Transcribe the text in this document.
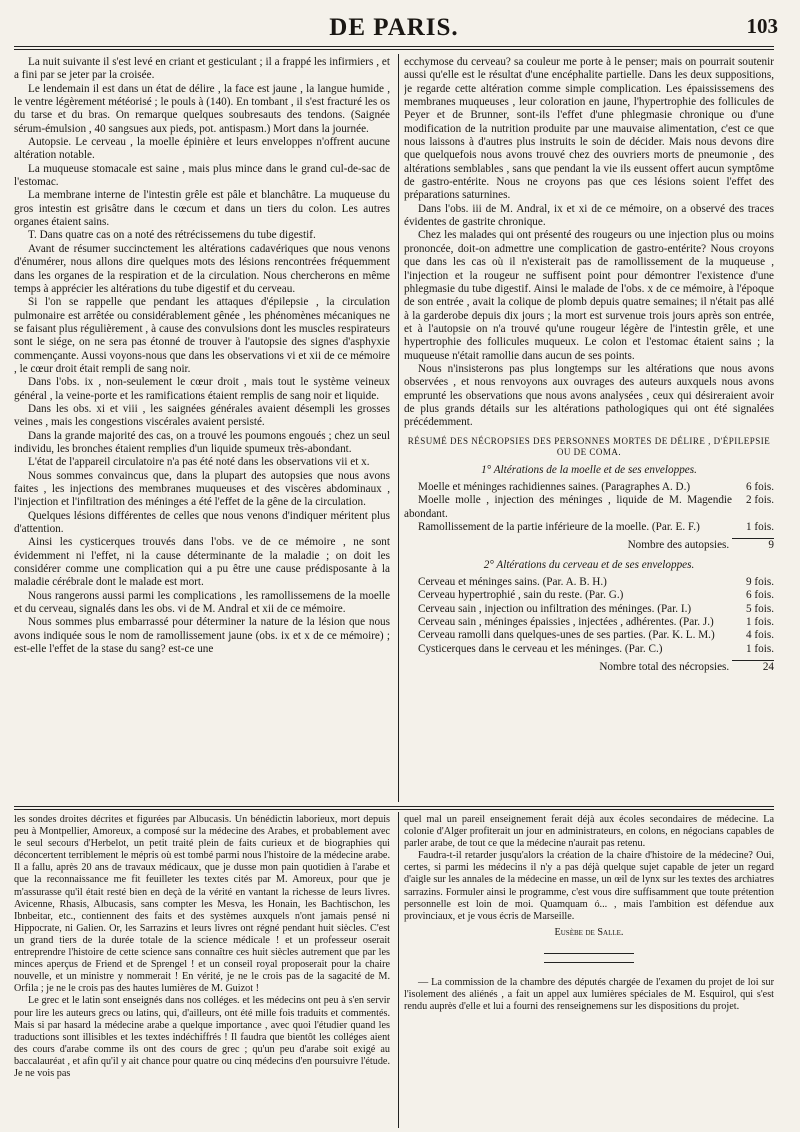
DE PARIS.	103

La nuit suivante il s'est levé en criant et gesticulant ; il a frappé les infirmiers , et a fini par se jeter par la croisée.

Le lendemain il est dans un état de délire , la face est jaune , la langue humide , le ventre légèrement météorisé ; le pouls à (140). En tombant , il s'est fracturé les os du tarse et du bras. On remarque quelques soubresauts des tendons. (Saignée sérum-émulsion , 40 sangsues aux pieds, pot. antispasm.) Mort dans la journée.

Autopsie. Le cerveau , la moelle épinière et leurs enveloppes n'offrent aucune altération notable.

La muqueuse stomacale est saine , mais plus mince dans le grand cul-de-sac de l'estomac.

La membrane interne de l'intestin grêle est pâle et blanchâtre. La muqueuse du gros intestin est grisâtre dans le cœcum et dans un tiers du colon. Les autres organes étaient sains.

T. Dans quatre cas on a noté des rétrécissemens du tube digestif.

Avant de résumer succinctement les altérations cadavériques que nous venons d'énumérer, nous allons dire quelques mots des lésions rencontrées fréquemment dans les organes de la respiration et de la circulation. Nous chercherons en même temps à apprécier les altérations du tube digestif et du cerveau.

Si l'on se rappelle que pendant les attaques d'épilepsie , la circulation pulmonaire est arrêtée ou considérablement gênée , les phénomènes mécaniques ne se faisant plus régulièrement , à cause des convulsions dont les muscles respirateurs sont le siége, on ne sera pas étonné de trouver à l'autopsie des signes d'asphyxie commençante. Aussi voyons-nous que dans les observations vi et xii de ce mémoire , le cœur droit était rempli de sang noir.

Dans l'obs. ix , non-seulement le cœur droit , mais tout le système veineux général , la veine-porte et les ramifications étaient remplis de sang noir et liquide.

Dans les obs. xi et viii , les saignées générales avaient désempli les grosses veines , mais les congestions viscérales avaient persisté.

Dans la grande majorité des cas, on a trouvé les poumons engoués ; chez un seul individu, les bronches étaient remplies d'un liquide spumeux très-abondant.

L'état de l'appareil circulatoire n'a pas été noté dans les observations vii et x.

Nous sommes convaincus que, dans la plupart des autopsies que nous avons faites , les injections des membranes muqueuses et des viscères abdominaux , l'injection et l'infiltration des méninges a été l'effet de la gêne de la circulation.

Quelques lésions différentes de celles que nous venons d'indiquer méritent plus d'attention.

Ainsi les cysticerques trouvés dans l'obs. ve de ce mémoire , ne sont évidemment ni l'effet, ni la cause déterminante de la maladie ; on doit les considérer comme une complication qui a pu être une cause prédisposante à la maladie cérébrale dont le malade est mort.

Nous rangerons aussi parmi les complications , les ramollissemens de la moelle et du cerveau, signalés dans les obs. vi de M. Andral et xii de ce mémoire.

Nous sommes plus embarrassé pour déterminer la nature de la lésion que nous avons indiquée sous le nom de ramollissement jaune (obs. ix et x de ce mémoire) ; est-elle l'effet de la stase du sang? est-ce une

ecchymose du cerveau? sa couleur me porte à le penser; mais on pourrait soutenir aussi qu'elle est le résultat d'une encéphalite partielle. Dans les deux suppositions, je regarde cette altération comme simple complication. Les épaississemens des membranes muqueuses , leur coloration en jaune, l'hypertrophie des follicules de Peyer et de Brunner, sont-ils l'effet d'une phlegmasie chronique ou d'une modification de la nutrition produite par une mauvaise alimentation, c'est ce que nous laissons à d'autres plus instruits le soin de décider. Mais nous devons dire que quelquefois nous avons trouvé chez des ouvriers morts de pneumonie , des altérations semblables , sans que pendant la vie ils eussent offert aucun symptôme de gastro-entérite. Nous ne croyons pas que ces lésions soient l'effet des préparations saturnines.

Dans l'obs. iii de M. Andral, ix et xi de ce mémoire, on a observé des traces évidentes de gastrite chronique.

Chez les malades qui ont présenté des rougeurs ou une injection plus ou moins prononcée, doit-on admettre une complication de gastro-entérite? Nous croyons que dans les cas où il n'existerait pas de ramollissement de la muqueuse , l'injection et la rougeur ne suffisent point pour démontrer l'existence d'une phlegmasie du tube digestif. Ainsi le malade de l'obs. x de ce mémoire, à l'époque de son entrée , avait la colique de plomb depuis quatre semaines; il n'était pas allé à la garderobe depuis dix jours ; la mort est survenue trois jours après son entrée, et à l'autopsie on n'a trouvé qu'une rougeur légère de l'intestin grêle, et une hypertrophie des follicules muqueux. Le colon et l'estomac étaient sains ; la muqueuse n'était ramollie dans aucun de ses points.

Nous n'insisterons pas plus longtemps sur les altérations que nous avons observées , et nous renvoyons aux ouvrages des auteurs auxquels nous avons emprunté les observations que nous avons analysées , ceux qui désireraient avoir de plus grands détails sur les altérations pathologiques qui ont été signalées précédemment.

RÉSUMÉ DES NÉCROPSIES DES PERSONNES MORTES DE DÉLIRE , D'ÉPILEPSIE OU DE COMA.

1° Altérations de la moelle et de ses enveloppes.

Moelle et méninges rachidiennes saines. (Paragraphes A. D.)	6 fois.
Moelle molle , injection des méninges , liquide de M. Magendie abondant.
2 fois.
Ramollissement de la partie inférieure de la moelle. (Par. E. F.)	1 fois.

Nombre des autopsies.	9

2° Altérations du cerveau et de ses enveloppes.

Cerveau et méninges sains. (Par. A. B. H.)	9 fois.
Cerveau hypertrophié , sain du reste. (Par. G.)	6 fois.
Cerveau sain , injection ou infiltration des méninges. (Par. I.)	5 fois.
Cerveau sain , méninges épaissies , injectées , adhérentes. (Par. J.)	1 fois.
Cerveau ramolli dans quelques-unes de ses parties. (Par. K. L. M.)	4 fois.
Cysticerques dans le cerveau et les méninges. (Par. C.)	1 fois.

Nombre total des nécropsies.	24

les sondes droites décrites et figurées par Albucasis. Un bénédictin laborieux, mort depuis peu à Montpellier, Amoreux, a composé sur la médecine des Arabes, et probablement avec le seul secours d'Herbelot, un petit traité plein de faits curieux et de biographies qui déconcertent terriblement le mépris où est tombé parmi nous l'histoire de la médecine arabe. Il a fallu, après 20 ans de travaux médicaux, que je dusse mon pain quotidien à l'arabe et que la reconnaissance me fit feuilleter les textes cités par M. Amoreux, pour que je m'assurasse qu'il était resté bien en deçà de la vérité en vantant la richesse de leurs livres. Avicenne, Rhasis, Albucasis, sans compter les Mesva, les Honain, les Bachtischon, les Ibnbeitar, etc., contiennent des faits et des systèmes auxquels n'ont jamais pensé ni Hippocrate, ni Galien. Or, les Sarrazins et leurs livres ont régné pendant huit siècles. C'est un grand tiers de la durée totale de la science médicale ! et un professeur oserait entreprendre l'histoire de cette science sans connaître ces huit siècles autrement que par les minces aperçus de Friend et de Sprengel ! et un conseil royal proposerait pour la chaire nouvelle, et un ministre y nommerait ! En vérité, je ne le crois pas de la sagacité de M. Orfila ; je ne le crois pas des hautes lumières de M. Guizot !

Le grec et le latin sont enseignés dans nos colléges. et les médecins ont peu à s'en servir pour lire les auteurs grecs ou latins, qui, d'ailleurs, ont été mille fois traduits et commentés. Mais si par hasard la médecine arabe a quelque importance , avec quoi l'étudier quand les traductions sont illisibles et les textes indéchiffrés ! Il faudra que bientôt les colléges aient des cours d'arabe comme ils ont des cours de grec ; qu'un peu d'arabe soit exigé au baccalauréat , et afin qu'il y ait chance pour quatre ou cinq médecins d'en poursuivre l'étude. Je ne vois pas

quel mal un pareil enseignement ferait déjà aux écoles secondaires de médecine. La colonie d'Alger profiterait un jour en administrateurs, en colons, en négocians capables de parler arabe, de tout ce que la médecine n'aurait pas retenu.

Faudra-t-il retarder jusqu'alors la création de la chaire d'histoire de la médecine? Oui, certes, si parmi les médecins il n'y a pas déjà quelque sujet capable de jeter un regard d'aigle sur les annales de la médecine en masse, un œil de lynx sur les textes des archiatres sarrazins. Formuler ainsi le programme, c'est vous dire suffisamment que toute prétention personnelle est loin de moi. Quamquam ó... , mais l'ambition est défendue aux provinciaux, et je vous écris de Marseille.

Eusèbe de Salle.

— La commission de la chambre des députés chargée de l'examen du projet de loi sur l'isolement des aliénés , a fait un appel aux lumières spéciales de M. Esquirol, qui s'est rendu auprès d'elle et lui a fourni des renseignemens sur les dispositions du projet.
